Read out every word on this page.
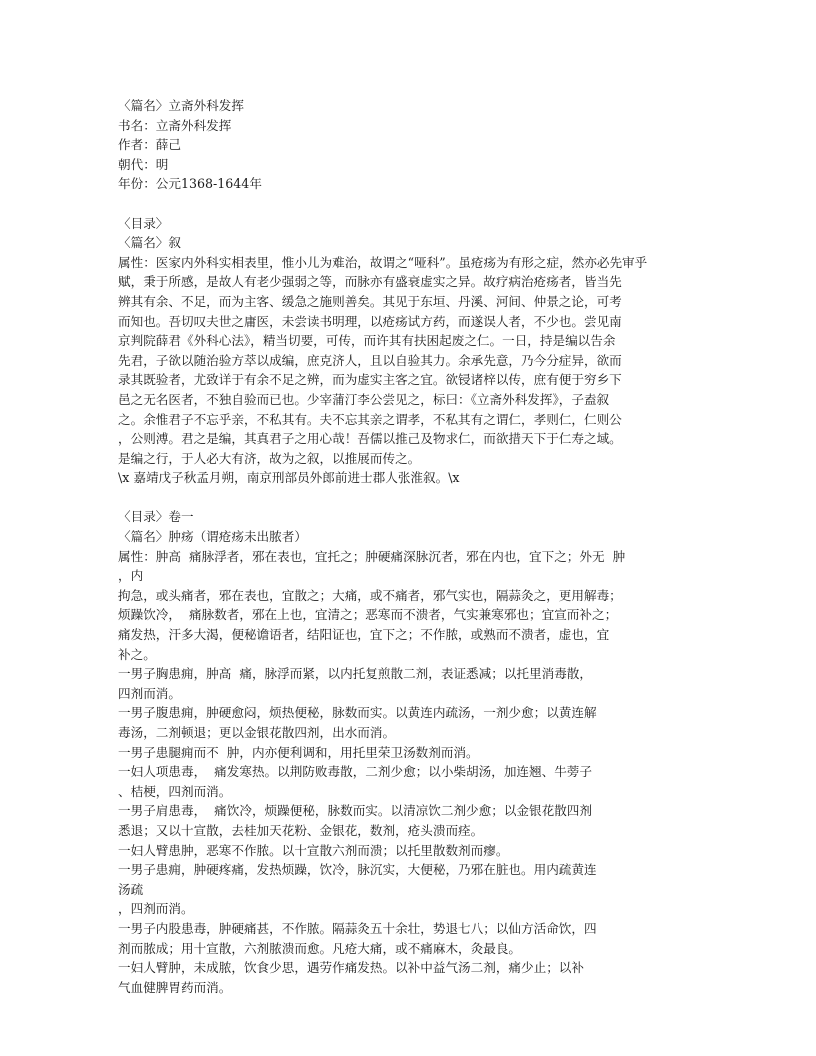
〈篇名〉立斋外科发挥
书名：立斋外科发挥
作者：薛己
朝代：明
年份：公元1368-1644年
〈目录〉
〈篇名〉叙
属性：医家内外科实相表里，惟小儿为难治，故谓之“哑科”。虽疮疡为有形之症，然亦必先审乎
赋，秉于所感，是故人有老少强弱之等，而脉亦有盛衰虚实之异。故疗病治疮疡者，皆当先
辨其有余、不足，而为主客、缓急之施则善矣。其见于东垣、丹溪、河间、仲景之论，可考
而知也。吾切叹夫世之庸医，未尝读书明理，以疮疡试方药，而遂误人者，不少也。尝见南
京判院薛君《外科心法》，精当切要，可传，而许其有扶困起废之仁。一日，持是编以告余
先君，子欲以随治验方萃以成编，庶克济人，且以自验其力。余承先意，乃今分症异，欲而
录其既验者，尤致详于有余不足之辨，而为虚实主客之宜。欲锓诸梓以传，庶有便于穷乡下
邑之无名医者，不独自验而已也。少宰蒲汀李公尝见之，标曰：《立斋外科发挥》，子盍叙
之。余惟君子不忘乎亲，不私其有。夫不忘其亲之谓孝，不私其有之谓仁，孝则仁，仁则公
，公则溥。君之是编，其真君子之用心哉！吾儒以推己及物求仁，而欲措天下于仁寿之域。
是编之行，于人必大有济，故为之叙，以推展而传之。
\x 嘉靖戊子秋孟月朔，南京刑部员外郎前进士郡人张淮叙。\x
〈目录〉卷一
〈篇名〉肿疡（谓疮疡未出脓者）
属性：肿高  痛脉浮者，邪在表也，宜托之；肿硬痛深脉沉者，邪在内也，宜下之；外无  肿
，内
拘急，或头痛者，邪在表也，宜散之；大痛，或不痛者，邪气实也，隔蒜灸之，更用解毒；
烦躁饮冷，  痛脉数者，邪在上也，宜清之；恶寒而不溃者，气实兼寒邪也；宜宣而补之；
痛发热，汗多大渴，便秘谵语者，结阳证也，宜下之；不作脓，或熟而不溃者，虚也，宜
补之。
一男子胸患痈，肿高  痛，脉浮而紧，以内托复煎散二剂，表证悉减；以托里消毒散，
四剂而消。
一男子腹患痈，肿硬愈闷，烦热便秘，脉数而实。以黄连内疏汤，一剂少愈；以黄连解
毒汤，二剂顿退；更以金银花散四剂，出水而消。
一男子患腿痈而不  肿，内亦便利调和，用托里荣卫汤数剂而消。
一妇人项患毒，  痛发寒热。以荆防败毒散，二剂少愈；以小柴胡汤，加连翘、牛蒡子
、桔梗，四剂而消。
一男子肩患毒，  痛饮冷，烦躁便秘，脉数而实。以清凉饮二剂少愈；以金银花散四剂
悉退；又以十宣散，去桂加天花粉、金银花，数剂，疮头溃而痊。
一妇人臂患肿，恶寒不作脓。以十宣散六剂而溃；以托里散数剂而瘳。
一男子患痈，肿硬疼痛，发热烦躁，饮冷，脉沉实，大便秘，乃邪在脏也。用内疏黄连
汤疏
，四剂而消。
一男子内股患毒，肿硬痛甚，不作脓。隔蒜灸五十余壮，势退七八；以仙方活命饮，四
剂而脓成；用十宣散，六剂脓溃而愈。凡疮大痛，或不痛麻木，灸最良。
一妇人臂肿，未成脓，饮食少思，遇劳作痛发热。以补中益气汤二剂，痛少止；以补
气血健脾胃药而消。
